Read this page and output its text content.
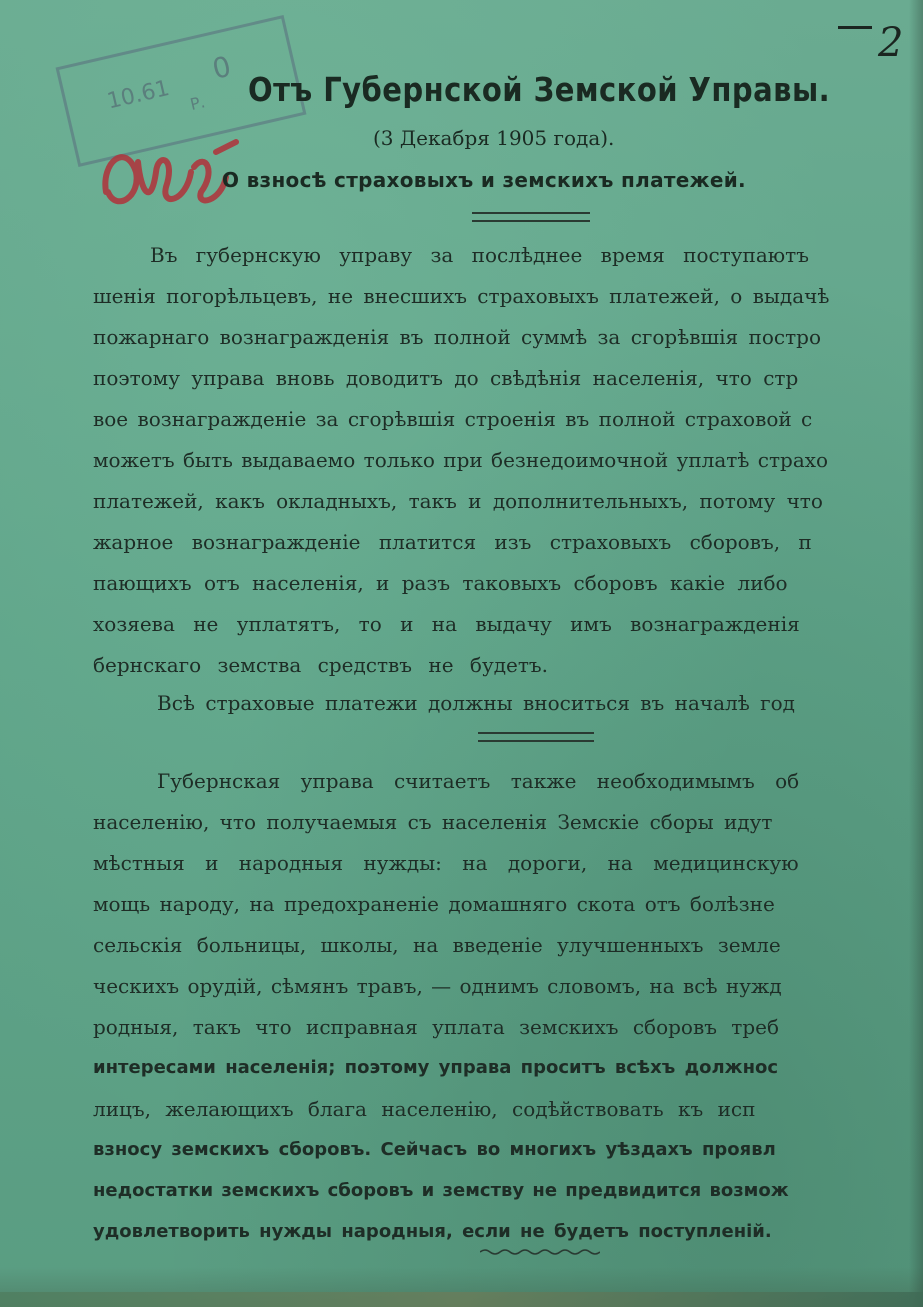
2
10.61 Р.
0
Отъ Губернской Земской Управы.
(3 Декабря 1905 года).
О взносѣ страховыхъ и земскихъ платежей.
Въ губернскую управу за послѣднее время поступаютъ
шенія погорѣльцевъ, не внесшихъ страховыхъ платежей, о выдачѣ
пожарнаго вознагражденія въ полной суммѣ за сгорѣвшія постро
поэтому управа вновь доводитъ до свѣдѣнія населенія, что стр
вое вознагражденіе за сгорѣвшія строенія въ полной страховой с
можетъ быть выдаваемо только при безнедоимочной уплатѣ страхо
платежей, какъ окладныхъ, такъ и дополнительныхъ, потому что
жарное вознагражденіе платится изъ страховыхъ сборовъ, п
пающихъ отъ населенія, и разъ таковыхъ сборовъ какіе либо
хозяева не уплатятъ, то и на выдачу имъ вознагражденія
бернскаго земства средствъ не будетъ.
Всѣ страховые платежи должны вноситься въ началѣ год
Губернская управа считаетъ также необходимымъ об
населенію, что получаемыя съ населенія Земскіе сборы идут
мѣстныя и народныя нужды: на дороги, на медицинскую
мощь народу, на предохраненіе домашняго скота отъ болѣзне
сельскія больницы, школы, на введеніе улучшенныхъ земле
ческихъ орудій, сѣмянъ травъ, — однимъ словомъ, на всѣ нужд
родныя, такъ что исправная уплата земскихъ сборовъ треб
интересами населенія; поэтому управа проситъ всѣхъ должнос
лицъ, желающихъ блага населенію, содѣйствовать къ исп
взносу земскихъ сборовъ. Сейчасъ во многихъ уѣздахъ проявл
недостатки земскихъ сборовъ и земству не предвидится возмож
удовлетворить нужды народныя, если не будетъ поступленій.
